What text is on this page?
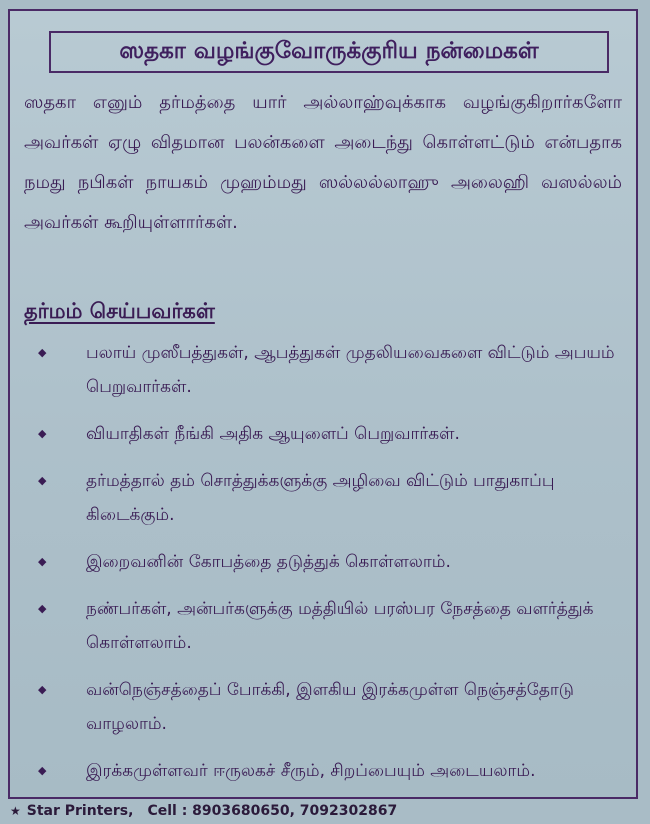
ஸதகா வழங்குவோருக்குரிய நன்மைகள்
ஸதகா எனும் தர்மத்தை யார் அல்லாஹ்வுக்காக வழங்குகிறார்களோ அவர்கள் ஏழு விதமான பலன்களை அடைந்து கொள்ளட்டும் என்பதாக நமது நபிகள் நாயகம் முஹம்மது ஸல்லல்லாஹு அலைஹி வஸல்லம் அவர்கள் கூறியுள்ளார்கள்.
தர்மம் செய்பவர்கள்
◆	பலாய் முஸீபத்துகள், ஆபத்துகள் முதலியவைகளை விட்டும் அபயம் பெறுவார்கள்.
◆	வியாதிகள் நீங்கி அதிக ஆயுளைப் பெறுவார்கள்.
◆	தர்மத்தால் தம் சொத்துக்களுக்கு அழிவை விட்டும் பாதுகாப்பு கிடைக்கும்.
◆	இறைவனின் கோபத்தை தடுத்துக் கொள்ளலாம்.
◆	நண்பர்கள், அன்பர்களுக்கு மத்தியில் பரஸ்பர நேசத்தை வளர்த்துக் கொள்ளலாம்.
◆	வன்நெஞ்சத்தைப் போக்கி, இளகிய இரக்கமுள்ள நெஞ்சத்தோடு வாழலாம்.
◆	இரக்கமுள்ளவர் ஈருலகச் சீரும், சிறப்பையும் அடையலாம்.
★ Star Printers, Cell : 8903680650, 7092302867
